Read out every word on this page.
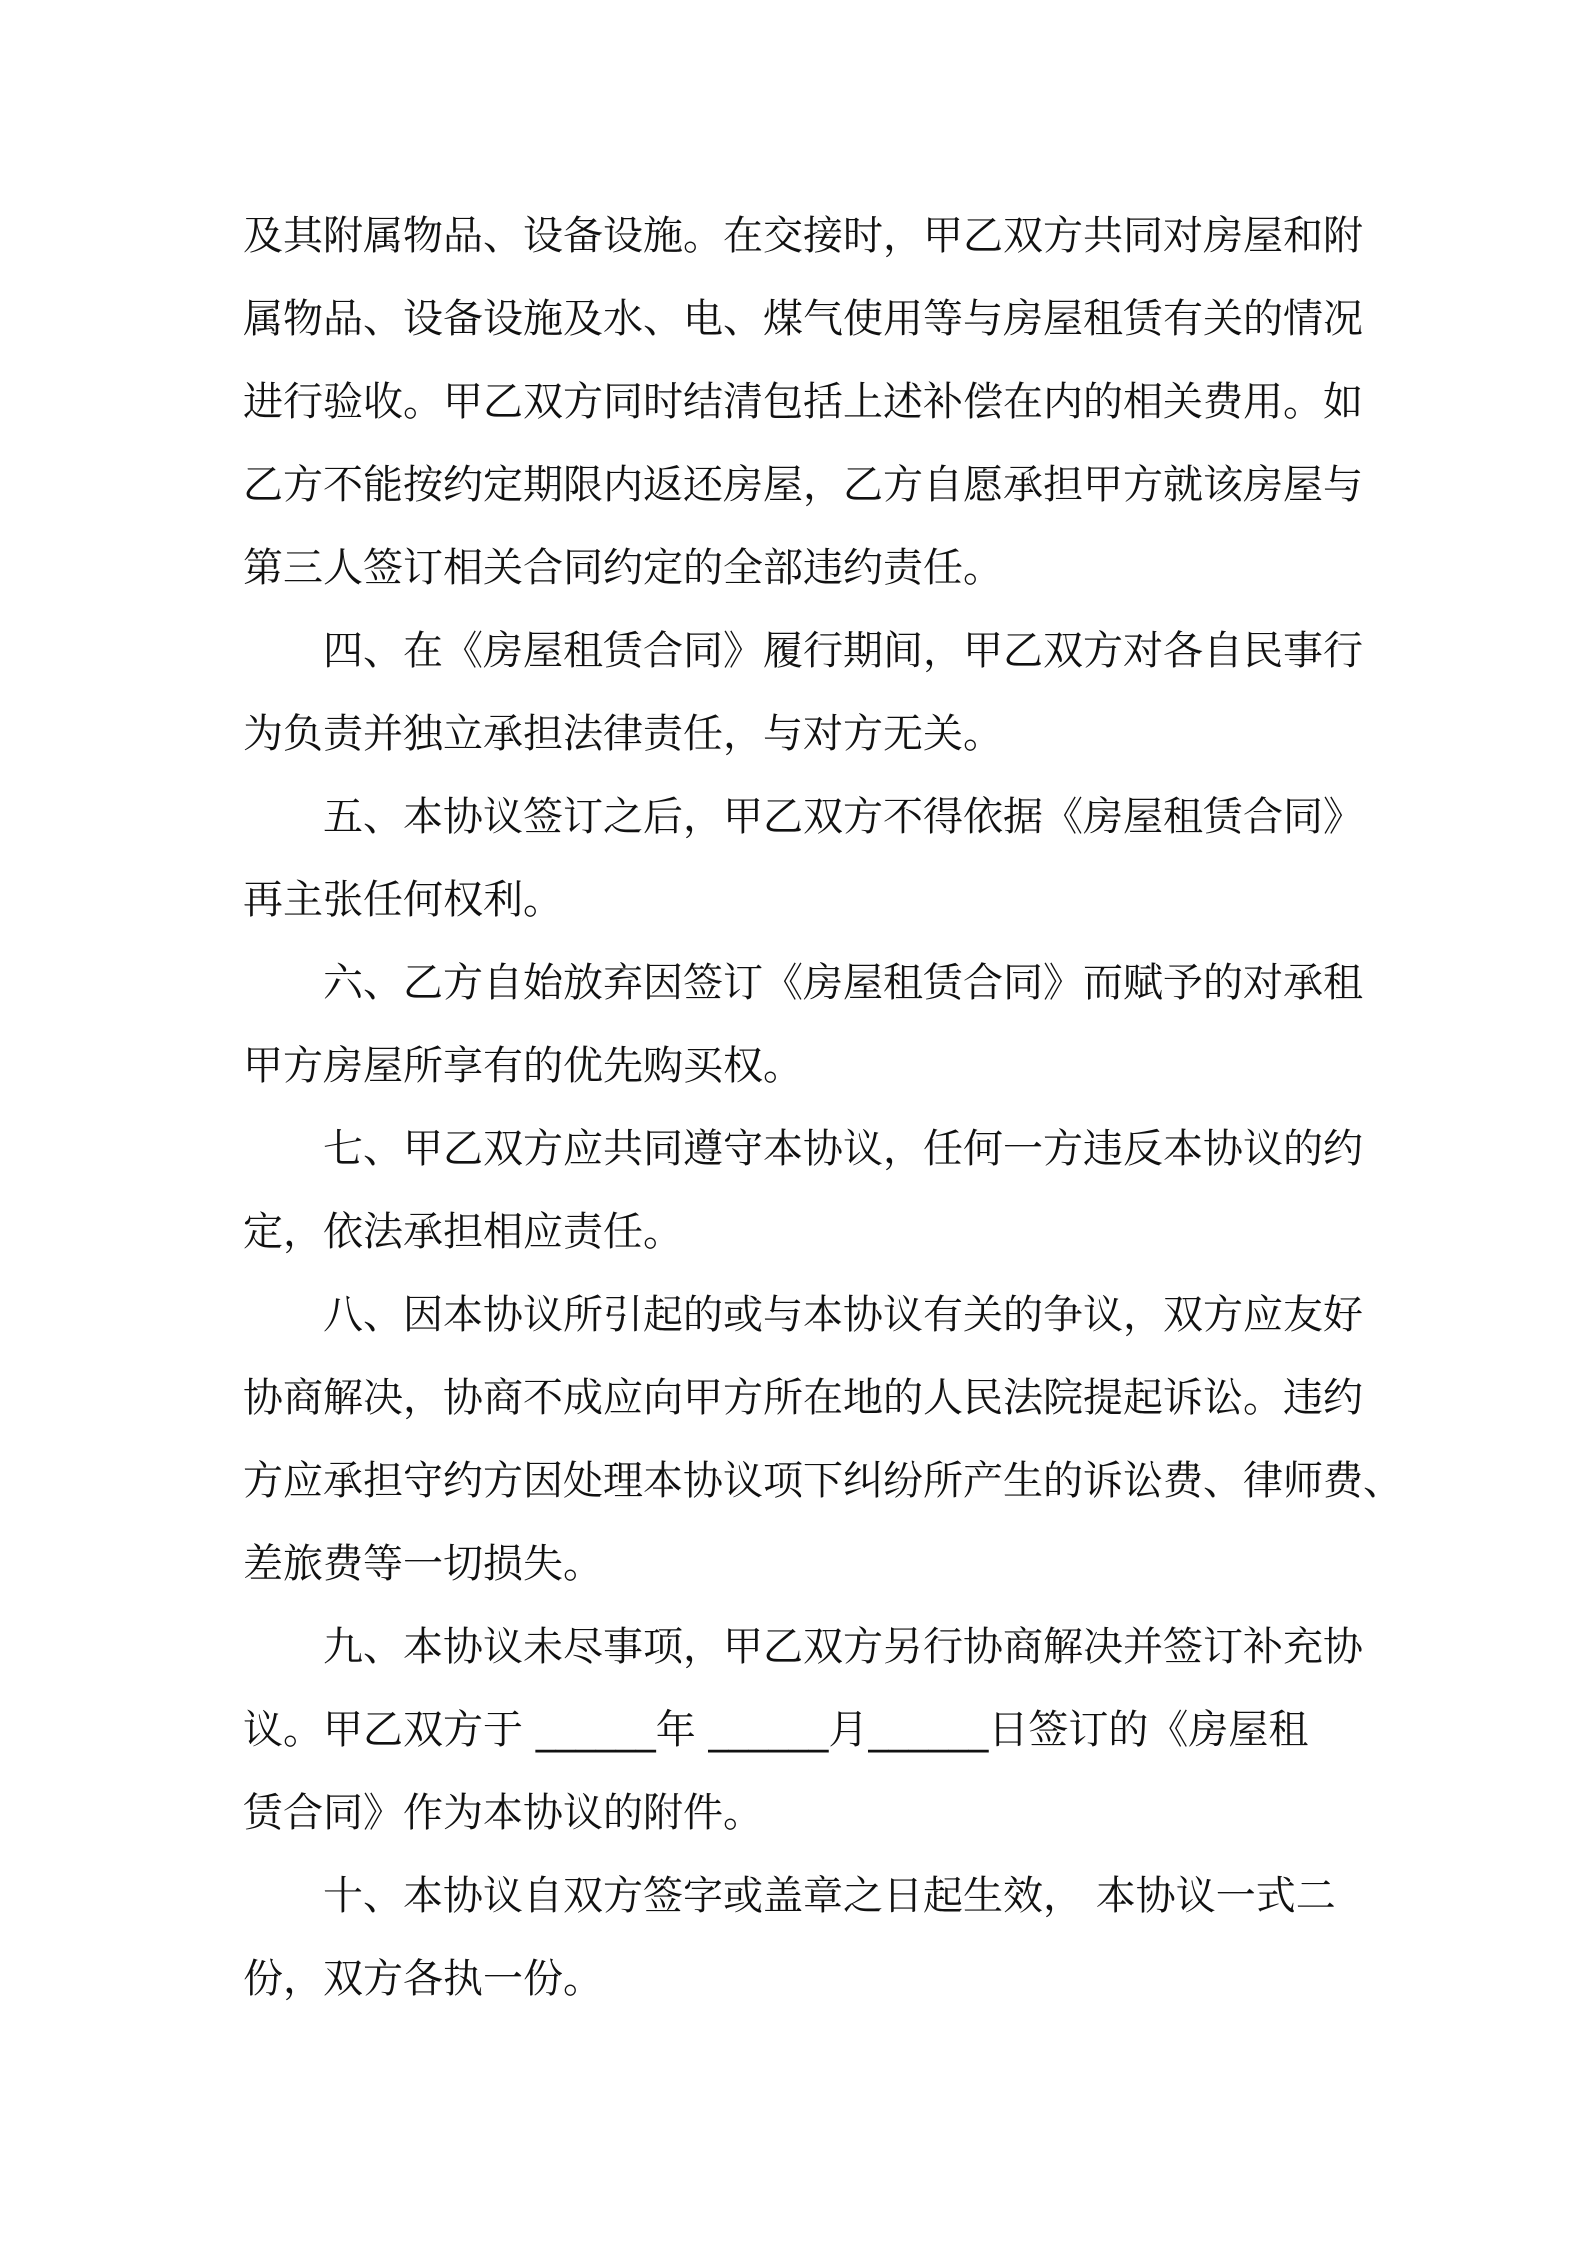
及其附属物品、设备设施。在交接时，甲乙双方共同对房屋和附
属物品、设备设施及水、电、煤气使用等与房屋租赁有关的情况
进行验收。甲乙双方同时结清包括上述补偿在内的相关费用。如
乙方不能按约定期限内返还房屋，乙方自愿承担甲方就该房屋与
第三人签订相关合同约定的全部违约责任。
四、在《房屋租赁合同》履行期间，甲乙双方对各自民事行
为负责并独立承担法律责任，与对方无关。
五、本协议签订之后，甲乙双方不得依据《房屋租赁合同》
再主张任何权利。
六、乙方自始放弃因签订《房屋租赁合同》而赋予的对承租
甲方房屋所享有的优先购买权。
七、甲乙双方应共同遵守本协议，任何一方违反本协议的约
定，依法承担相应责任。
八、因本协议所引起的或与本协议有关的争议，双方应友好
协商解决，协商不成应向甲方所在地的人民法院提起诉讼。违约
方应承担守约方因处理本协议项下纠纷所产生的诉讼费、律师费、
差旅费等一切损失。
九、本协议未尽事项，甲乙双方另行协商解决并签订补充协
议。甲乙双方于 ______年 ______月______日签订的《房屋租
赁合同》作为本协议的附件。
十、本协议自双方签字或盖章之日起生效， 本协议一式二
份，双方各执一份。
